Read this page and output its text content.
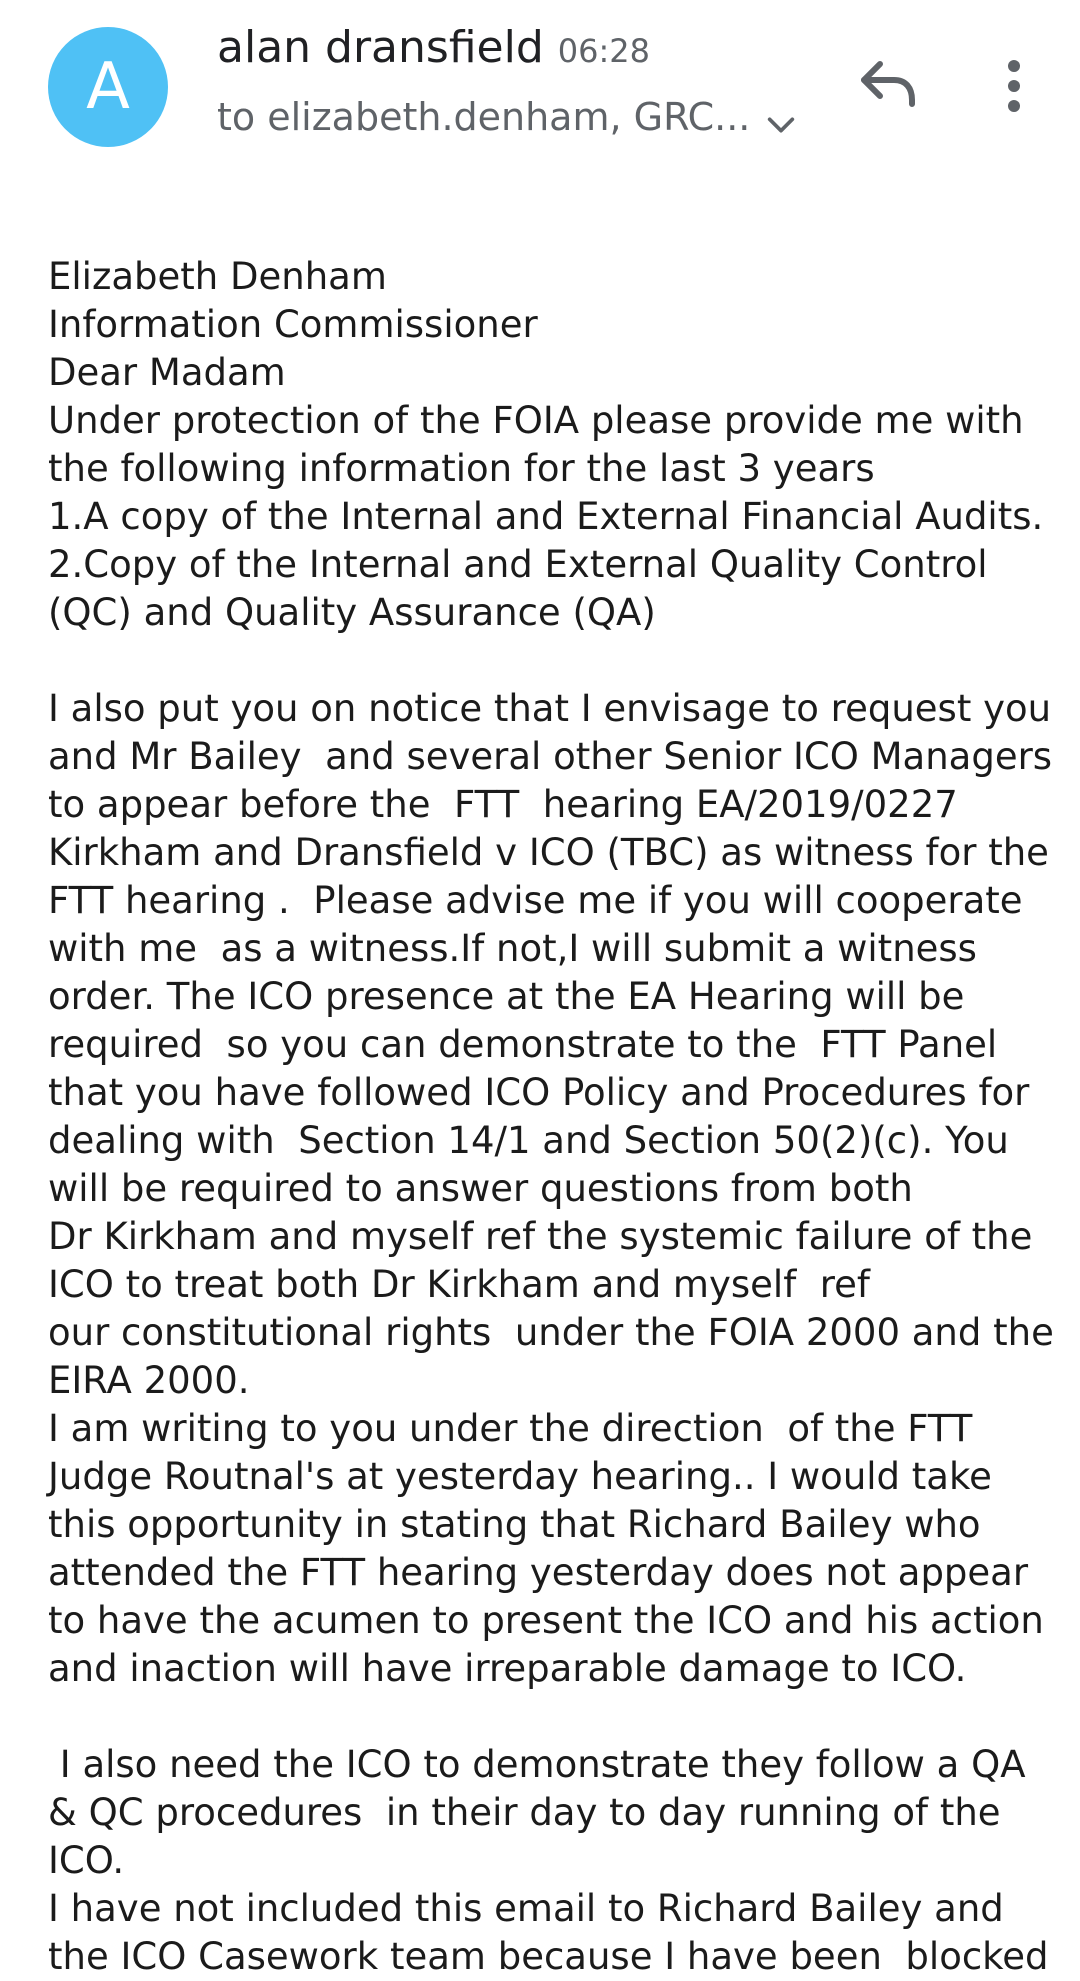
A
alan dransfield 06:28
to elizabeth.denham, GRC...

Elizabeth Denham

Information Commissioner

Dear Madam

Under protection of the FOIA please provide me with

the following information for the last 3 years

1.A copy of the Internal and External Financial Audits.

2.Copy of the Internal and External Quality Control

(QC) and Quality Assurance (QA)

I also put you on notice that I envisage to request you

and Mr Bailey  and several other Senior ICO Managers

to appear before the  FTT  hearing EA/2019/0227

Kirkham and Dransfield v ICO (TBC) as witness for the

FTT hearing .  Please advise me if you will cooperate

with me  as a witness.If not,I will submit a witness

order. The ICO presence at the EA Hearing will be

required  so you can demonstrate to the  FTT Panel

that you have followed ICO Policy and Procedures for

dealing with  Section 14/1 and Section 50(2)(c). You

will be required to answer questions from both

Dr Kirkham and myself ref the systemic failure of the

ICO to treat both Dr Kirkham and myself  ref

our constitutional rights  under the FOIA 2000 and the

EIRA 2000.

I am writing to you under the direction  of the FTT

Judge Routnal's at yesterday hearing.. I would take

this opportunity in stating that Richard Bailey who

attended the FTT hearing yesterday does not appear

to have the acumen to present the ICO and his action

and inaction will have irreparable damage to ICO.

I also need the ICO to demonstrate they follow a QA

& QC procedures  in their day to day running of the

ICO.

I have not included this email to Richard Bailey and

the ICO Casework team because I have been  blocked
